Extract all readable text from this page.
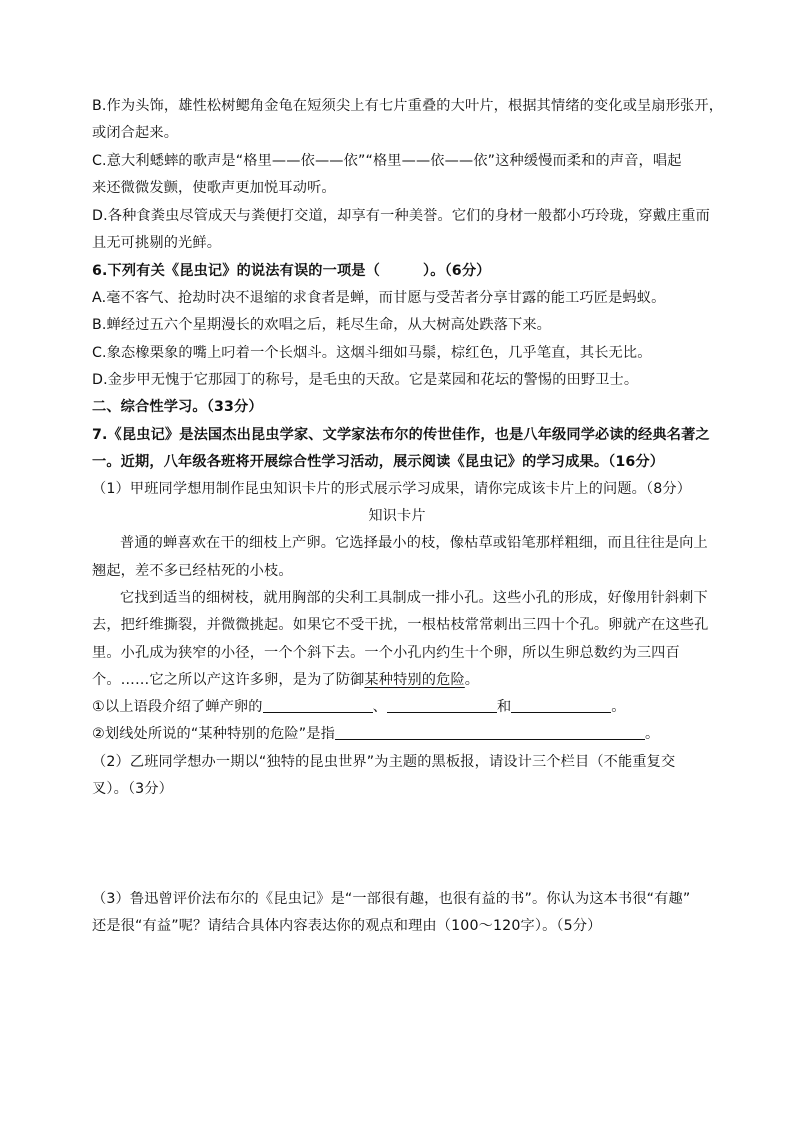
B.作为头饰，雄性松树鳃角金龟在短须尖上有七片重叠的大叶片，根据其情绪的变化或呈扇形张开，
或闭合起来。
C.意大利蟋蟀的歌声是“格里——依——依”“格里——依——依”这种缓慢而柔和的声音，唱起
来还微微发颤，使歌声更加悦耳动听。
D.各种食粪虫尽管成天与粪便打交道，却享有一种美誉。它们的身材一般都小巧玲珑，穿戴庄重而
且无可挑剔的光鲜。
6.下列有关《昆虫记》的说法有误的一项是（　　　）。（6分）
A.毫不客气、抢劫时决不退缩的求食者是蝉，而甘愿与受苦者分享甘露的能工巧匠是蚂蚁。
B.蝉经过五六个星期漫长的欢唱之后，耗尽生命，从大树高处跌落下来。
C.象态橡栗象的嘴上叼着一个长烟斗。这烟斗细如马鬃，棕红色，几乎笔直，其长无比。
D.金步甲无愧于它那园丁的称号，是毛虫的天敌。它是菜园和花坛的警惕的田野卫士。
二、综合性学习。（33分）
7.《昆虫记》是法国杰出昆虫学家、文学家法布尔的传世佳作，也是八年级同学必读的经典名著之
一。近期，八年级各班将开展综合性学习活动，展示阅读《昆虫记》的学习成果。（16分）
（1）甲班同学想用制作昆虫知识卡片的形式展示学习成果，请你完成该卡片上的问题。（8分）
知识卡片
普通的蝉喜欢在干的细枝上产卵。它选择最小的枝，像枯草或铅笔那样粗细，而且往往是向上
翘起，差不多已经枯死的小枝。
它找到适当的细树枝，就用胸部的尖利工具制成一排小孔。这些小孔的形成，好像用针斜刺下
去，把纤维撕裂，并微微挑起。如果它不受干扰，一根枯枝常常刺出三四十个孔。卵就产在这些孔
里。小孔成为狭窄的小径，一个个斜下去。一个小孔内约生十个卵，所以生卵总数约为三四百
个。……它之所以产这许多卵，是为了防御某种特别的危险。
①以上语段介绍了蝉产卵的	、	和	。
②划线处所说的“某种特别的危险”是指	。
（2）乙班同学想办一期以“独特的昆虫世界”为主题的黑板报，请设计三个栏目（不能重复交
叉）。（3分）
（3）鲁迅曾评价法布尔的《昆虫记》是“一部很有趣，也很有益的书”。你认为这本书很“有趣”
还是很“有益”呢？请结合具体内容表达你的观点和理由（100～120字）。（5分）
